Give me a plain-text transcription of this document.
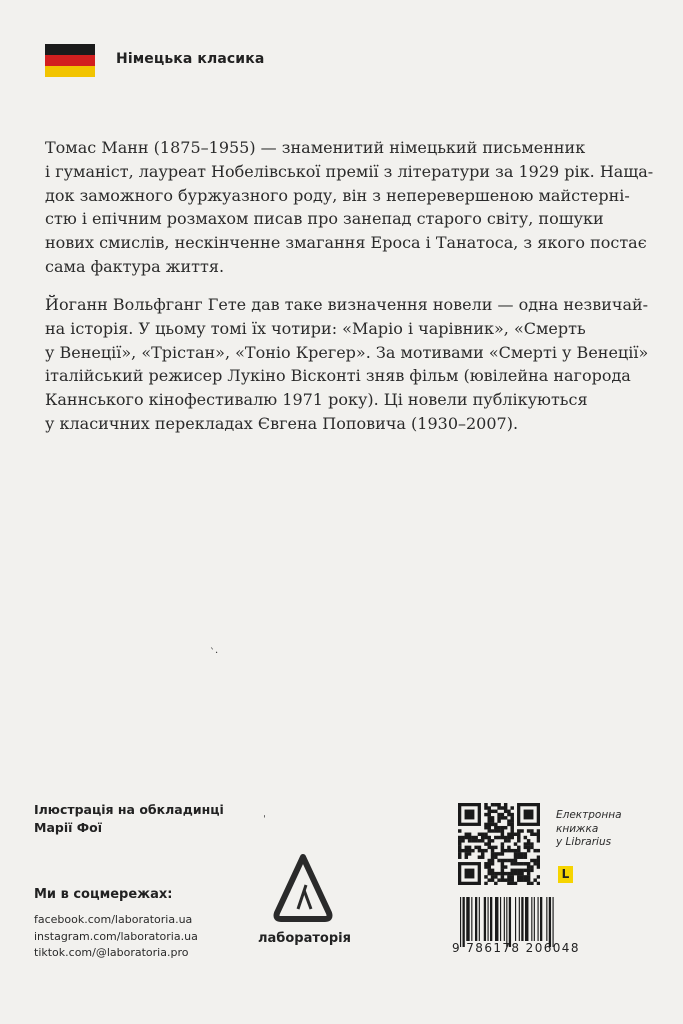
Німецька класика
Томас Манн (1875–1955) — знаменитий німецький письменник
і гуманіст, лауреат Нобелівської премії з літератури за 1929 рік. Наща-
док заможного буржуазного роду, він з неперевершеною майстерні-
стю і епічним розмахом писав про занепад старого світу, пошуки
нових смислів, нескінченне змагання Ероса і Танатоса, з якого постає
сама фактура життя.
Йоганн Вольфганг Гете дав таке визначення новели — одна незвичай-
на історія. У цьому томі їх чотири: «Маріо і чарівник», «Смерть
у Венеції», «Трістан», «Тоніо Крегер». За мотивами «Смерті у Венеції»
італійський режисер Лукіно Вісконті зняв фільм (ювілейна нагорода
Каннського кінофестивалю 1971 року). Ці новели публікуються
у класичних перекладах Євгена Поповича (1930–2007).
ˋ·
ˈ
Ілюстрація на обкладинці
Марії Фої
Ми в соцмережах:
facebook.com/laboratoria.ua
instagram.com/laboratoria.ua
tiktok.com/@laboratoria.pro
лабораторія
Електронна
книжка
у Librarius
L
9 786178 206048
